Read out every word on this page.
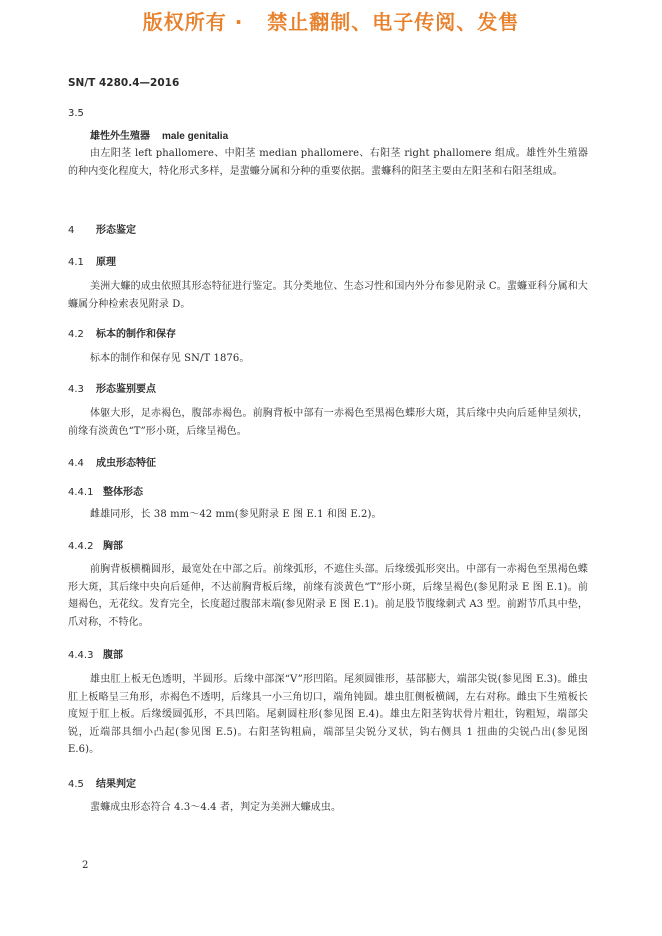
版权所有 ·   禁止翻制、电子传阅、发售
SN/T 4280.4—2016
3.5
雄性外生殖器 male genitalia
由左阳茎 left phallomere、中阳茎 median phallomere、右阳茎 right phallomere 组成。雄性外生殖器的种内变化程度大，特化形式多样，是蜚蠊分属和分种的重要依据。蜚蠊科的阳茎主要由左阳茎和右阳茎组成。
4 形态鉴定
4.1 原理
美洲大蠊的成虫依照其形态特征进行鉴定。其分类地位、生态习性和国内外分布参见附录 C。蜚蠊亚科分属和大蠊属分种检索表见附录 D。
4.2 标本的制作和保存
标本的制作和保存见 SN/T 1876。
4.3 形态鉴别要点
体躯大形，足赤褐色，腹部赤褐色。前胸背板中部有一赤褐色至黑褐色蝶形大斑，其后缘中央向后延伸呈须状，前缘有淡黄色“T”形小斑，后缘呈褐色。
4.4 成虫形态特征
4.4.1 整体形态
雌雄同形，长 38 mm～42 mm(参见附录 E 图 E.1 和图 E.2)。
4.4.2 胸部
前胸背板横椭圆形，最宽处在中部之后。前缘弧形，不遮住头部。后缘缓弧形突出。中部有一赤褐色至黑褐色蝶形大斑，其后缘中央向后延伸，不达前胸背板后缘，前缘有淡黄色“T”形小斑，后缘呈褐色(参见附录 E 图 E.1)。前翅褐色，无花纹。发育完全，长度超过腹部末端(参见附录 E 图 E.1)。前足股节腹缘刺式 A3 型。前跗节爪具中垫，爪对称，不特化。
4.4.3 腹部
雄虫肛上板无色透明，半圆形。后缘中部深“V”形凹陷。尾须圆锥形，基部膨大，端部尖锐(参见图 E.3)。雌虫肛上板略呈三角形，赤褐色不透明，后缘具一小三角切口，端角钝圆。雄虫肛侧板横阔，左右对称。雌虫下生殖板长度短于肛上板。后缘缓圆弧形，不具凹陷。尾刺圆柱形(参见图 E.4)。雄虫左阳茎钩状骨片粗壮，钩粗短，端部尖锐，近端部具细小凸起(参见图 E.5)。右阳茎钩粗扁，端部呈尖锐分叉状，钩右侧具 1 扭曲的尖锐凸出(参见图 E.6)。
4.5 结果判定
蜚蠊成虫形态符合 4.3～4.4 者，判定为美洲大蠊成虫。
2
